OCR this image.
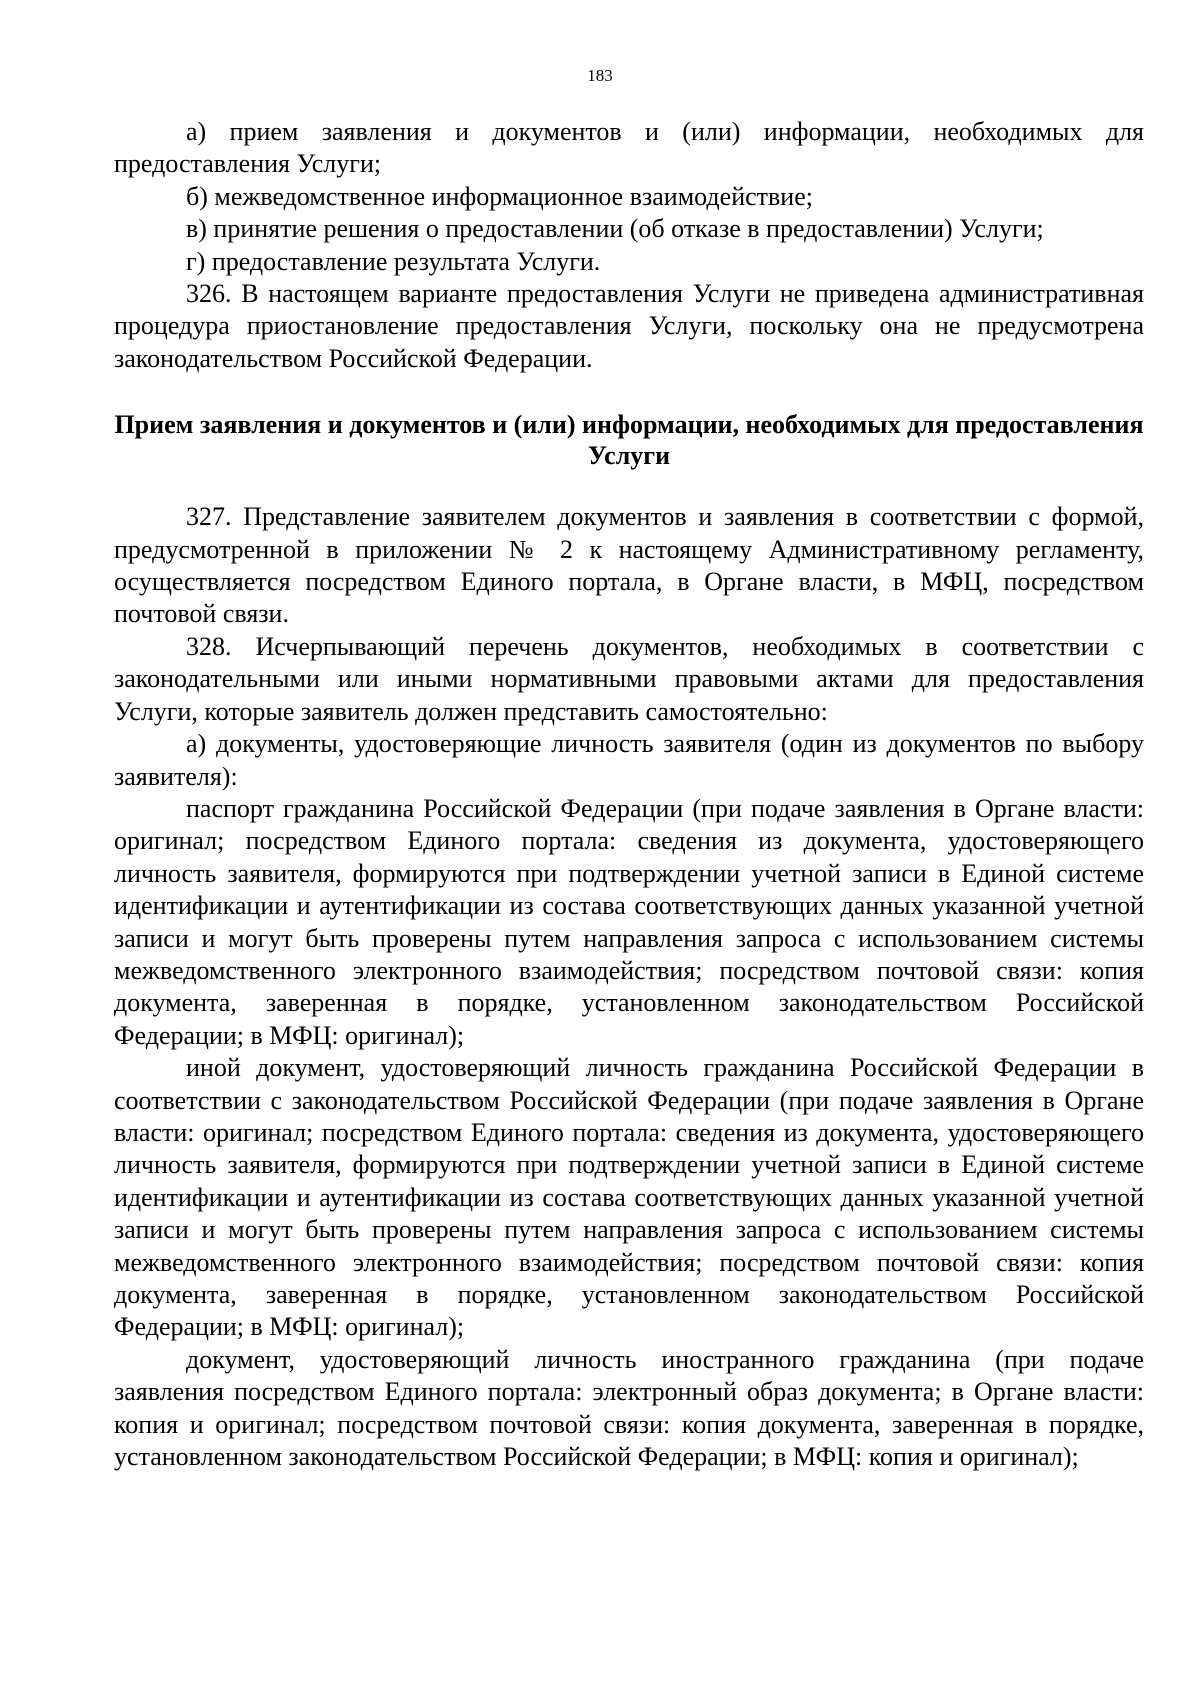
183

а) прием заявления и документов и (или) информации, необходимых для предоставления Услуги;

б) межведомственное информационное взаимодействие;

в) принятие решения о предоставлении (об отказе в предоставлении) Услуги;

г) предоставление результата Услуги.

326. В настоящем варианте предоставления Услуги не приведена административная процедура приостановление предоставления Услуги, поскольку она не предусмотрена законодательством Российской Федерации.

Прием заявления и документов и (или) информации, необходимых для предоставления Услуги

327. Представление заявителем документов и заявления в соответствии с формой, предусмотренной в приложении № 2 к настоящему Административному регламенту, осуществляется посредством Единого портала, в Органе власти, в МФЦ, посредством почтовой связи.

328. Исчерпывающий перечень документов, необходимых в соответствии с законодательными или иными нормативными правовыми актами для предоставления Услуги, которые заявитель должен представить самостоятельно:

а) документы, удостоверяющие личность заявителя (один из документов по выбору заявителя):

паспорт гражданина Российской Федерации (при подаче заявления в Органе власти: оригинал; посредством Единого портала: сведения из документа, удостоверяющего личность заявителя, формируются при подтверждении учетной записи в Единой системе идентификации и аутентификации из состава соответствующих данных указанной учетной записи и могут быть проверены путем направления запроса с использованием системы межведомственного электронного взаимодействия; посредством почтовой связи: копия документа, заверенная в порядке, установленном законодательством Российской Федерации; в МФЦ: оригинал);

иной документ, удостоверяющий личность гражданина Российской Федерации в соответствии с законодательством Российской Федерации (при подаче заявления в Органе власти: оригинал; посредством Единого портала: сведения из документа, удостоверяющего личность заявителя, формируются при подтверждении учетной записи в Единой системе идентификации и аутентификации из состава соответствующих данных указанной учетной записи и могут быть проверены путем направления запроса с использованием системы межведомственного электронного взаимодействия; посредством почтовой связи: копия документа, заверенная в порядке, установленном законодательством Российской Федерации; в МФЦ: оригинал);

документ, удостоверяющий личность иностранного гражданина (при подаче заявления посредством Единого портала: электронный образ документа; в Органе власти: копия и оригинал; посредством почтовой связи: копия документа, заверенная в порядке, установленном законодательством Российской Федерации; в МФЦ: копия и оригинал);
